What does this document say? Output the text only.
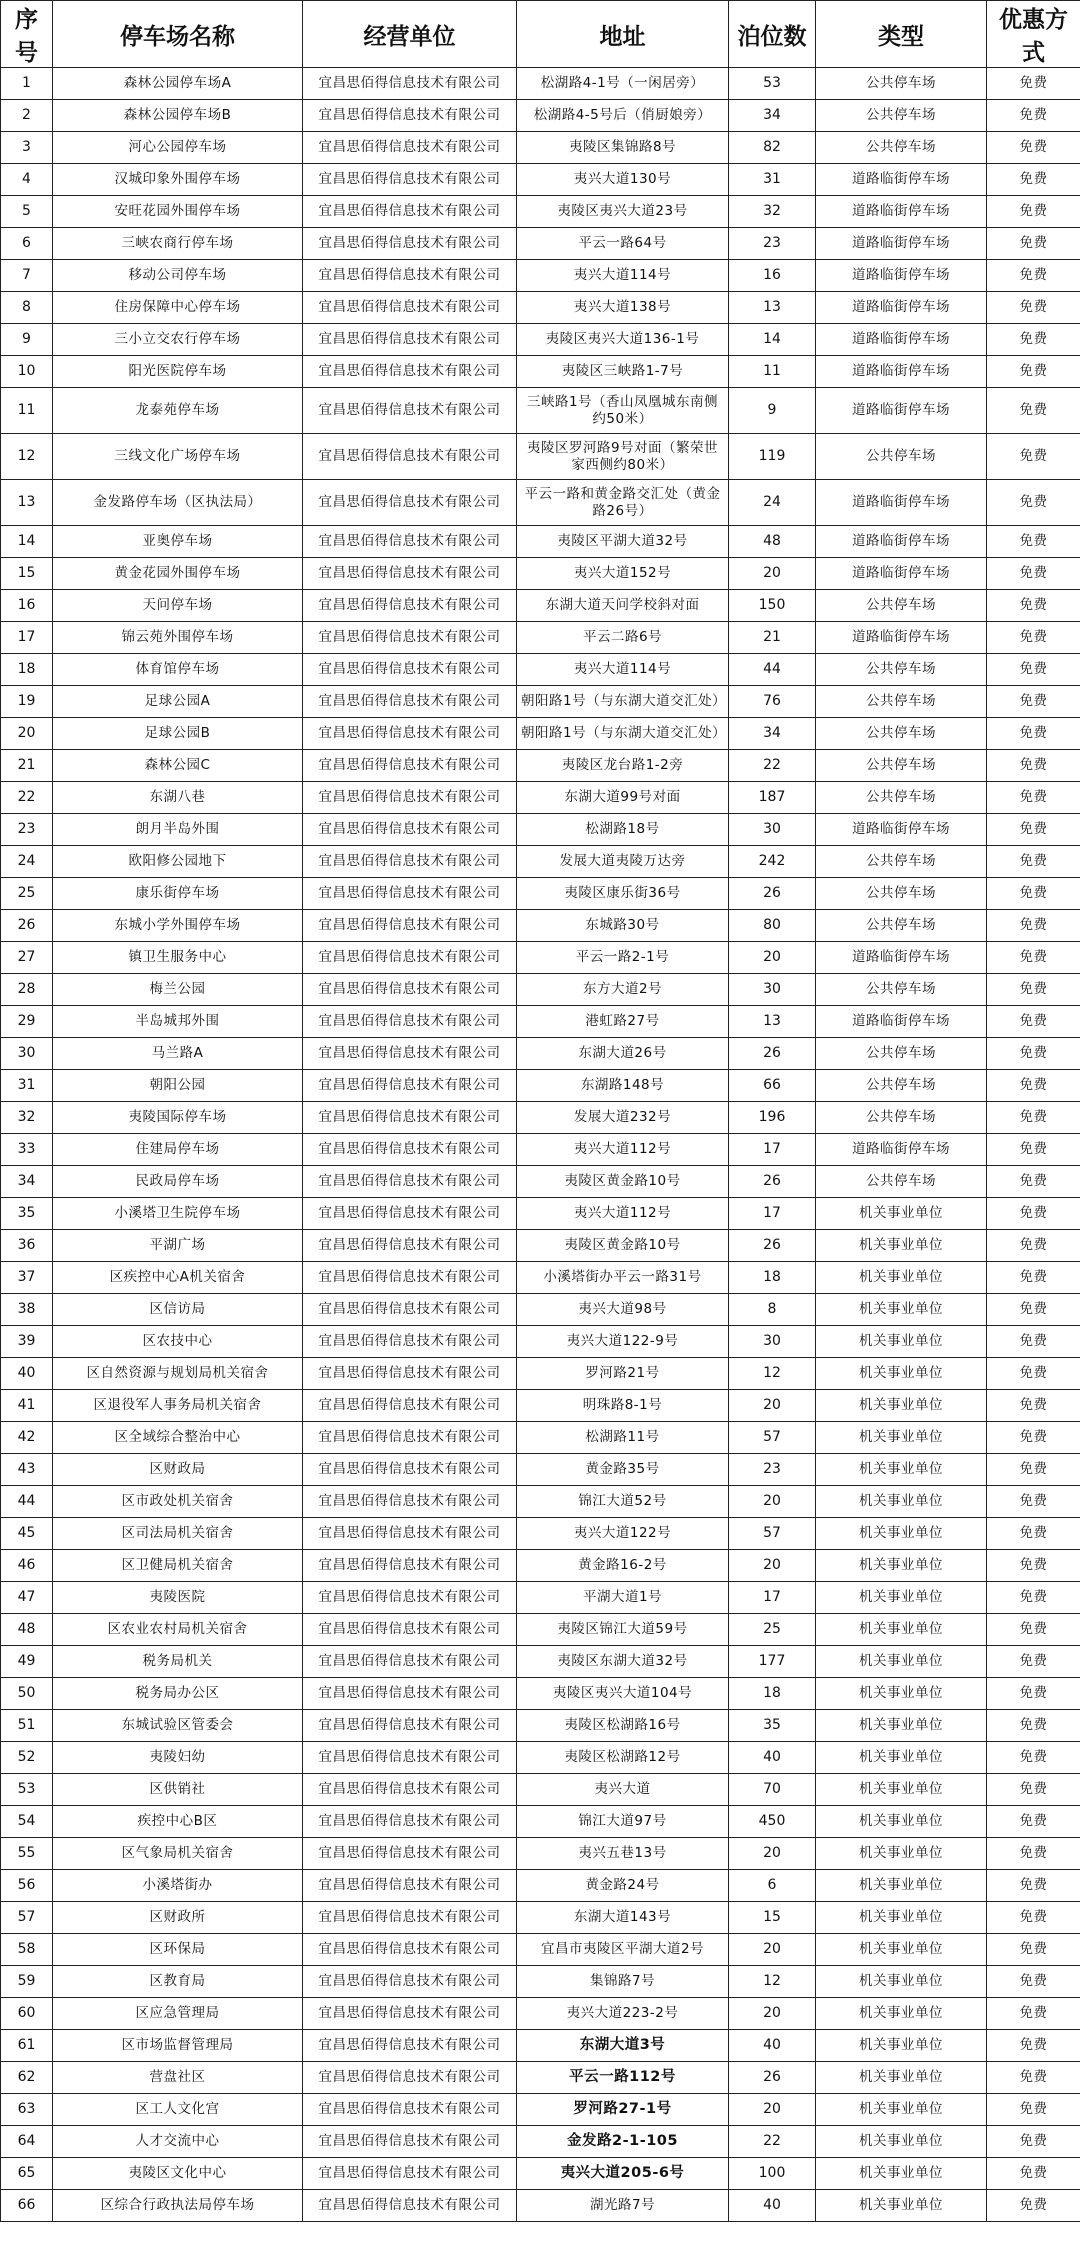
序号	停车场名称	经营单位	地址	泊位数	类型	优惠方式
1	森林公园停车场A	宜昌思佰得信息技术有限公司	松湖路4-1号（一闲居旁）	53	公共停车场	免费
2	森林公园停车场B	宜昌思佰得信息技术有限公司	松湖路4-5号后（俏厨娘旁）	34	公共停车场	免费
3	河心公园停车场	宜昌思佰得信息技术有限公司	夷陵区集锦路8号	82	公共停车场	免费
4	汉城印象外围停车场	宜昌思佰得信息技术有限公司	夷兴大道130号	31	道路临街停车场	免费
5	安旺花园外围停车场	宜昌思佰得信息技术有限公司	夷陵区夷兴大道23号	32	道路临街停车场	免费
6	三峡农商行停车场	宜昌思佰得信息技术有限公司	平云一路64号	23	道路临街停车场	免费
7	移动公司停车场	宜昌思佰得信息技术有限公司	夷兴大道114号	16	道路临街停车场	免费
8	住房保障中心停车场	宜昌思佰得信息技术有限公司	夷兴大道138号	13	道路临街停车场	免费
9	三小立交农行停车场	宜昌思佰得信息技术有限公司	夷陵区夷兴大道136-1号	14	道路临街停车场	免费
10	阳光医院停车场	宜昌思佰得信息技术有限公司	夷陵区三峡路1-7号	11	道路临街停车场	免费
11	龙泰苑停车场	宜昌思佰得信息技术有限公司	三峡路1号（香山凤凰城东南侧约50米）	9	道路临街停车场	免费
12	三线文化广场停车场	宜昌思佰得信息技术有限公司	夷陵区罗河路9号对面（繁荣世家西侧约80米）	119	公共停车场	免费
13	金发路停车场（区执法局）	宜昌思佰得信息技术有限公司	平云一路和黄金路交汇处（黄金路26号）	24	道路临街停车场	免费
14	亚奥停车场	宜昌思佰得信息技术有限公司	夷陵区平湖大道32号	48	道路临街停车场	免费
15	黄金花园外围停车场	宜昌思佰得信息技术有限公司	夷兴大道152号	20	道路临街停车场	免费
16	天问停车场	宜昌思佰得信息技术有限公司	东湖大道天问学校斜对面	150	公共停车场	免费
17	锦云苑外围停车场	宜昌思佰得信息技术有限公司	平云二路6号	21	道路临街停车场	免费
18	体育馆停车场	宜昌思佰得信息技术有限公司	夷兴大道114号	44	公共停车场	免费
19	足球公园A	宜昌思佰得信息技术有限公司	朝阳路1号（与东湖大道交汇处）	76	公共停车场	免费
20	足球公园B	宜昌思佰得信息技术有限公司	朝阳路1号（与东湖大道交汇处）	34	公共停车场	免费
21	森林公园C	宜昌思佰得信息技术有限公司	夷陵区龙台路1-2旁	22	公共停车场	免费
22	东湖八巷	宜昌思佰得信息技术有限公司	东湖大道99号对面	187	公共停车场	免费
23	朗月半岛外围	宜昌思佰得信息技术有限公司	松湖路18号	30	道路临街停车场	免费
24	欧阳修公园地下	宜昌思佰得信息技术有限公司	发展大道夷陵万达旁	242	公共停车场	免费
25	康乐街停车场	宜昌思佰得信息技术有限公司	夷陵区康乐街36号	26	公共停车场	免费
26	东城小学外围停车场	宜昌思佰得信息技术有限公司	东城路30号	80	公共停车场	免费
27	镇卫生服务中心	宜昌思佰得信息技术有限公司	平云一路2-1号	20	道路临街停车场	免费
28	梅兰公园	宜昌思佰得信息技术有限公司	东方大道2号	30	公共停车场	免费
29	半岛城邦外围	宜昌思佰得信息技术有限公司	港虹路27号	13	道路临街停车场	免费
30	马兰路A	宜昌思佰得信息技术有限公司	东湖大道26号	26	公共停车场	免费
31	朝阳公园	宜昌思佰得信息技术有限公司	东湖路148号	66	公共停车场	免费
32	夷陵国际停车场	宜昌思佰得信息技术有限公司	发展大道232号	196	公共停车场	免费
33	住建局停车场	宜昌思佰得信息技术有限公司	夷兴大道112号	17	道路临街停车场	免费
34	民政局停车场	宜昌思佰得信息技术有限公司	夷陵区黄金路10号	26	公共停车场	免费
35	小溪塔卫生院停车场	宜昌思佰得信息技术有限公司	夷兴大道112号	17	机关事业单位	免费
36	平湖广场	宜昌思佰得信息技术有限公司	夷陵区黄金路10号	26	机关事业单位	免费
37	区疾控中心A机关宿舍	宜昌思佰得信息技术有限公司	小溪塔街办平云一路31号	18	机关事业单位	免费
38	区信访局	宜昌思佰得信息技术有限公司	夷兴大道98号	8	机关事业单位	免费
39	区农技中心	宜昌思佰得信息技术有限公司	夷兴大道122-9号	30	机关事业单位	免费
40	区自然资源与规划局机关宿舍	宜昌思佰得信息技术有限公司	罗河路21号	12	机关事业单位	免费
41	区退役军人事务局机关宿舍	宜昌思佰得信息技术有限公司	明珠路8-1号	20	机关事业单位	免费
42	区全域综合整治中心	宜昌思佰得信息技术有限公司	松湖路11号	57	机关事业单位	免费
43	区财政局	宜昌思佰得信息技术有限公司	黄金路35号	23	机关事业单位	免费
44	区市政处机关宿舍	宜昌思佰得信息技术有限公司	锦江大道52号	20	机关事业单位	免费
45	区司法局机关宿舍	宜昌思佰得信息技术有限公司	夷兴大道122号	57	机关事业单位	免费
46	区卫健局机关宿舍	宜昌思佰得信息技术有限公司	黄金路16-2号	20	机关事业单位	免费
47	夷陵医院	宜昌思佰得信息技术有限公司	平湖大道1号	17	机关事业单位	免费
48	区农业农村局机关宿舍	宜昌思佰得信息技术有限公司	夷陵区锦江大道59号	25	机关事业单位	免费
49	税务局机关	宜昌思佰得信息技术有限公司	夷陵区东湖大道32号	177	机关事业单位	免费
50	税务局办公区	宜昌思佰得信息技术有限公司	夷陵区夷兴大道104号	18	机关事业单位	免费
51	东城试验区管委会	宜昌思佰得信息技术有限公司	夷陵区松湖路16号	35	机关事业单位	免费
52	夷陵妇幼	宜昌思佰得信息技术有限公司	夷陵区松湖路12号	40	机关事业单位	免费
53	区供销社	宜昌思佰得信息技术有限公司	夷兴大道	70	机关事业单位	免费
54	疾控中心B区	宜昌思佰得信息技术有限公司	锦江大道97号	450	机关事业单位	免费
55	区气象局机关宿舍	宜昌思佰得信息技术有限公司	夷兴五巷13号	20	机关事业单位	免费
56	小溪塔街办	宜昌思佰得信息技术有限公司	黄金路24号	6	机关事业单位	免费
57	区财政所	宜昌思佰得信息技术有限公司	东湖大道143号	15	机关事业单位	免费
58	区环保局	宜昌思佰得信息技术有限公司	宜昌市夷陵区平湖大道2号	20	机关事业单位	免费
59	区教育局	宜昌思佰得信息技术有限公司	集锦路7号	12	机关事业单位	免费
60	区应急管理局	宜昌思佰得信息技术有限公司	夷兴大道223-2号	20	机关事业单位	免费
61	区市场监督管理局	宜昌思佰得信息技术有限公司	东湖大道3号	40	机关事业单位	免费
62	营盘社区	宜昌思佰得信息技术有限公司	平云一路112号	26	机关事业单位	免费
63	区工人文化宫	宜昌思佰得信息技术有限公司	罗河路27-1号	20	机关事业单位	免费
64	人才交流中心	宜昌思佰得信息技术有限公司	金发路2-1-105	22	机关事业单位	免费
65	夷陵区文化中心	宜昌思佰得信息技术有限公司	夷兴大道205-6号	100	机关事业单位	免费
66	区综合行政执法局停车场	宜昌思佰得信息技术有限公司	湖光路7号	40	机关事业单位	免费
